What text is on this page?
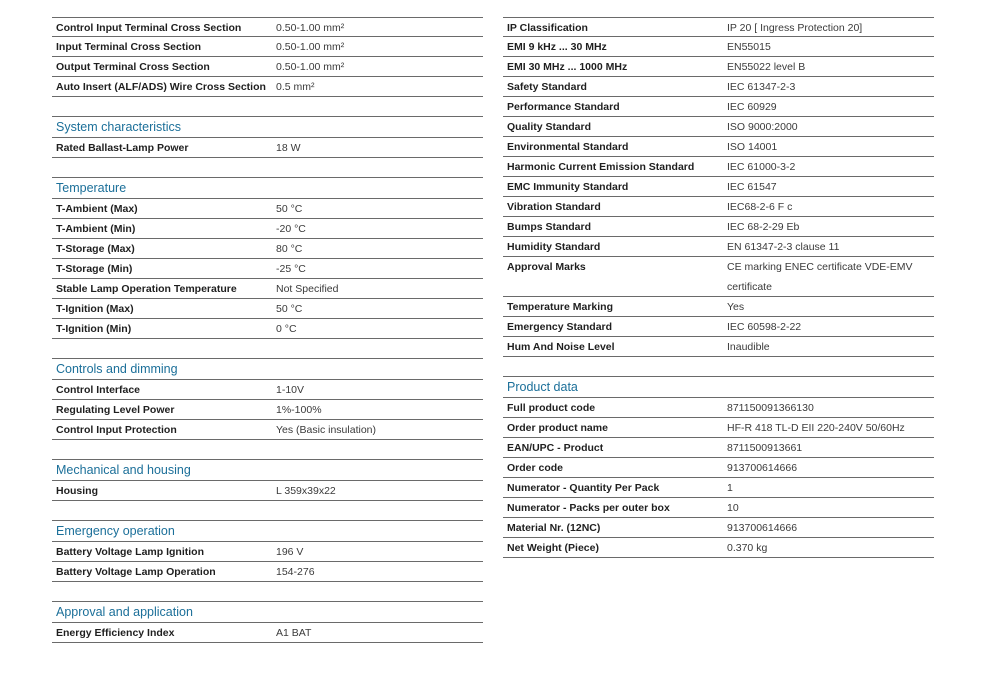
Control Input Terminal Cross Section	0.50-1.00 mm²
Input Terminal Cross Section	0.50-1.00 mm²
Output Terminal Cross Section	0.50-1.00 mm²
Auto Insert (ALF/ADS) Wire Cross Section 0.5 mm²
System characteristics
Rated Ballast-Lamp Power	18 W
Temperature
T-Ambient (Max)	50 °C
T-Ambient (Min)	-20 °C
T-Storage (Max)	80 °C
T-Storage (Min)	-25 °C
Stable Lamp Operation Temperature	Not Specified
T-Ignition (Max)	50 °C
T-Ignition (Min)	0 °C
Controls and dimming
Control Interface	1-10V
Regulating Level Power	1%-100%
Control Input Protection	Yes (Basic insulation)
Mechanical and housing
Housing	L 359x39x22
Emergency operation
Battery Voltage Lamp Ignition	196 V
Battery Voltage Lamp Operation	154-276
Approval and application
Energy Efficiency Index	A1 BAT
IP Classification	IP 20 [ Ingress Protection 20]
EMI 9 kHz ... 30 MHz	EN55015
EMI 30 MHz ... 1000 MHz	EN55022 level B
Safety Standard	IEC 61347-2-3
Performance Standard	IEC 60929
Quality Standard	ISO 9000:2000
Environmental Standard	ISO 14001
Harmonic Current Emission Standard	IEC 61000-3-2
EMC Immunity Standard	IEC 61547
Vibration Standard	IEC68-2-6 F c
Bumps Standard	IEC 68-2-29 Eb
Humidity Standard	EN 61347-2-3 clause 11
Approval Marks	CE marking ENEC certificate VDE-EMV certificate
Temperature Marking	Yes
Emergency Standard	IEC 60598-2-22
Hum And Noise Level	Inaudible
Product data
Full product code	871150091366130
Order product name	HF-R 418 TL-D EII 220-240V 50/60Hz
EAN/UPC - Product	8711500913661
Order code	913700614666
Numerator - Quantity Per Pack	1
Numerator - Packs per outer box	10
Material Nr. (12NC)	913700614666
Net Weight (Piece)	0.370 kg
